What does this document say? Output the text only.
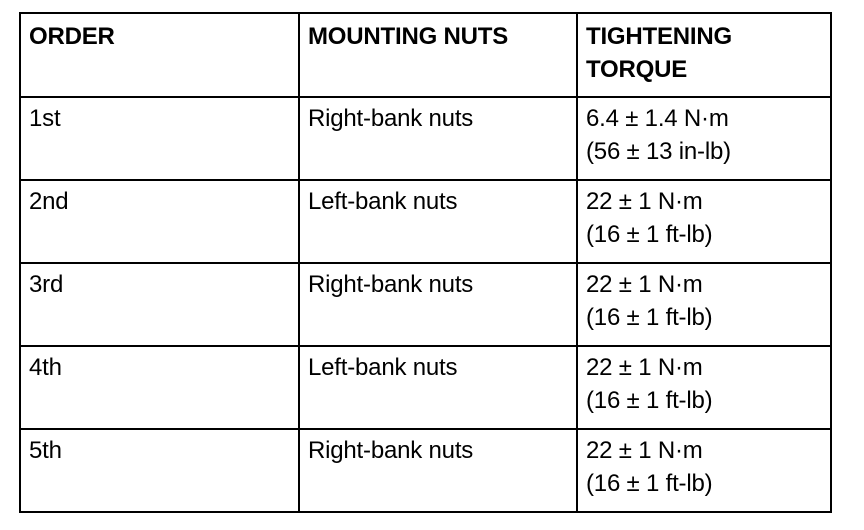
ORDER	MOUNTING NUTS	TIGHTENING
TORQUE

1st	Right-bank nuts	6.4 ± 1.4 N·m
(56 ± 13 in-lb)

2nd	Left-bank nuts	22 ± 1 N·m
(16 ± 1 ft-lb)

3rd	Right-bank nuts	22 ± 1 N·m
(16 ± 1 ft-lb)

4th	Left-bank nuts	22 ± 1 N·m
(16 ± 1 ft-lb)

5th	Right-bank nuts	22 ± 1 N·m
(16 ± 1 ft-lb)
